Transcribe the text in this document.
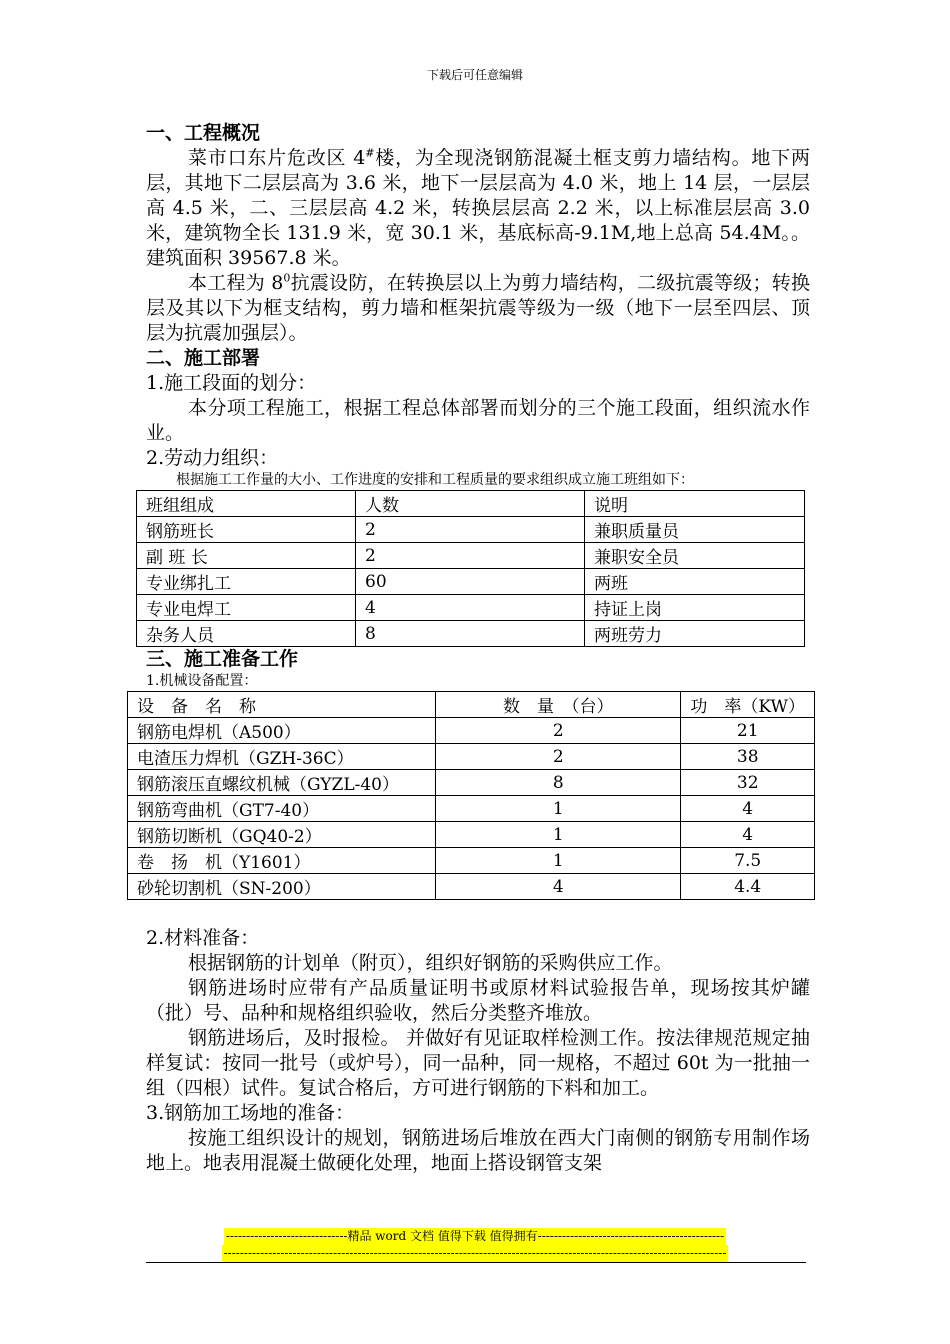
下载后可任意编辑
一、工程概况
菜市口东片危改区 4#楼，为全现浇钢筋混凝土框支剪力墙结构。地下两层，其地下二层层高为 3.6 米，地下一层层高为 4.0 米，地上 14 层，一层层高 4.5 米，二、三层层高 4.2 米，转换层层高 2.2 米，以上标准层层高 3.0 米，建筑物全长 131.9 米，宽 30.1 米，基底标高-9.1M,地上总高 54.4M。。建筑面积 39567.8 米。
本工程为 $8^0$抗震设防，在转换层以上为剪力墙结构，二级抗震等级；转换层及其以下为框支结构，剪力墙和框架抗震等级为一级（地下一层至四层、顶层为抗震加强层）。
二、施工部署
1.施工段面的划分：
本分项工程施工，根据工程总体部署而划分的三个施工段面，组织流水作业。
2.劳动力组织：
根据施工工作量的大小、工作进度的安排和工程质量的要求组织成立施工班组如下：
班组组成	人数	说明
钢筋班长	2	兼职质量员
副 班 长	2	兼职安全员
专业绑扎工	60	两班
专业电焊工	4	持证上岗
杂务人员	8	两班劳力
三、施工准备工作
1.机械设备配置：
设　备　名　称	数　量　（台）	功　率（KW）
钢筋电焊机（A500）	2	21
电渣压力焊机（GZH-36C）	2	38
钢筋滚压直螺纹机械（GYZL-40）	8	32
钢筋弯曲机（GT7-40）	1	4
钢筋切断机（GQ40-2）	1	4
卷　扬　机（Y1601）	1	7.5
砂轮切割机（SN-200）	4	4.4
2.材料准备：
根据钢筋的计划单（附页），组织好钢筋的采购供应工作。
钢筋进场时应带有产品质量证明书或原材料试验报告单，现场按其炉罐（批）号、品种和规格组织验收，然后分类整齐堆放。
钢筋进场后，及时报检。 并做好有见证取样检测工作。按法律规范规定抽样复试：按同一批号（或炉号），同一品种，同一规格，不超过 60t 为一批抽一组（四根）试件。复试合格后，方可进行钢筋的下料和加工。
3.钢筋加工场地的准备：
按施工组织设计的规划，钢筋进场后堆放在西大门南侧的钢筋专用制作场地上。地表用混凝土做硬化处理，地面上搭设钢管支架
------------------------------精品 word 文档 值得下载 值得拥有----------------------------------------------
----------------------------------------------------------------------------------------------------------------------------
